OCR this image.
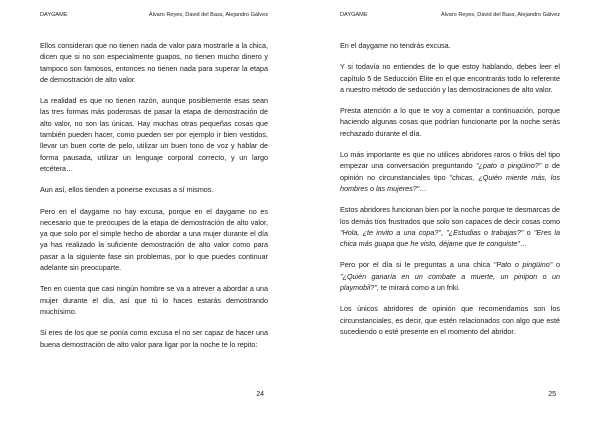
DAYGAME	Álvaro Reyes, David del Bass, Alejandro Gálvez

Ellos consideran que no tienen nada de valor para mostrarle a la chica, dicen que si no son especialmente guapos, no tienen mucho dinero y tampoco son famosos, entonces no tienen nada para superar la etapa de demostración de alto valor.

La realidad es que no tienen razón, aunque posiblemente esas sean las tres formas más poderosas de pasar la etapa de demostración de alto valor, no son las únicas. Hay muchas otras pequeñas cosas que también pueden hacer, como pueden ser por ejemplo ir bien vestidos, llevar un buen corte de pelo, utilizar un buen tono de voz y hablar de forma pausada, utilizar un lenguaje corporal correcto, y un largo etcétera…

Aun así, ellos tienden a ponerse excusas a sí mismos.

Pero en el daygame no hay excusa, porque en el daygame no es necesario que te preocupes de la etapa de demostración de alto valor, ya que solo por el simple hecho de abordar a una mujer durante el día ya has realizado la suficiente demostración de alto valor como para pasar a la siguiente fase sin problemas, por lo que puedes continuar adelante sin preocuparte.

Ten en cuenta que casi ningún hombre se va a atrever a abordar a una mujer durante el día, así que tú lo haces estarás demostrando muchísimo.

Si eres de los que se ponía como excusa el no ser capaz de hacer una buena demostración de alto valor para ligar por la noche te lo repito:

24
DAYGAME	Álvaro Reyes, David del Bass, Alejandro Gálvez

En el daygame no tendrás excusa.

Y si todavía no entiendes de lo que estoy hablando, debes leer el capítulo 5 de Seducción Élite en el que encontrarás todo lo referente a nuestro método de seducción y las demostraciones de alto valor.

Presta atención a lo que te voy a comentar a continuación, porque haciendo algunas cosas que podrían funcionarte por la noche serás rechazado durante el día.

Lo más importante es que no utilices abridores raros o frikis del tipo empezar una conversación preguntando "¿pato o pingüino?" o de opinión no circunstanciales tipo "chicas, ¿Quién miente más, los hombres o las mujeres?"…

Estos abridores funcionan bien por la noche porque te desmarcas de los demás tíos frustrados que solo son capaces de decir cosas como "Hola, ¿te invito a una copa?", "¿Estudias o trabajas?" o "Eres la chica más guapa que he visto, déjame que te conquiste"…

Pero por el día si le preguntas a una chica "Pato o pingüino" o "¿Quién ganaría en un combate a muerte, un pinipon o un playmobil?", te mirará como a un friki.

Los únicos abridores de opinión que recomendamos son los circunstanciales, es decir, que estén relacionados con algo que esté sucediendo o esté presente en el momento del abridor.

25
